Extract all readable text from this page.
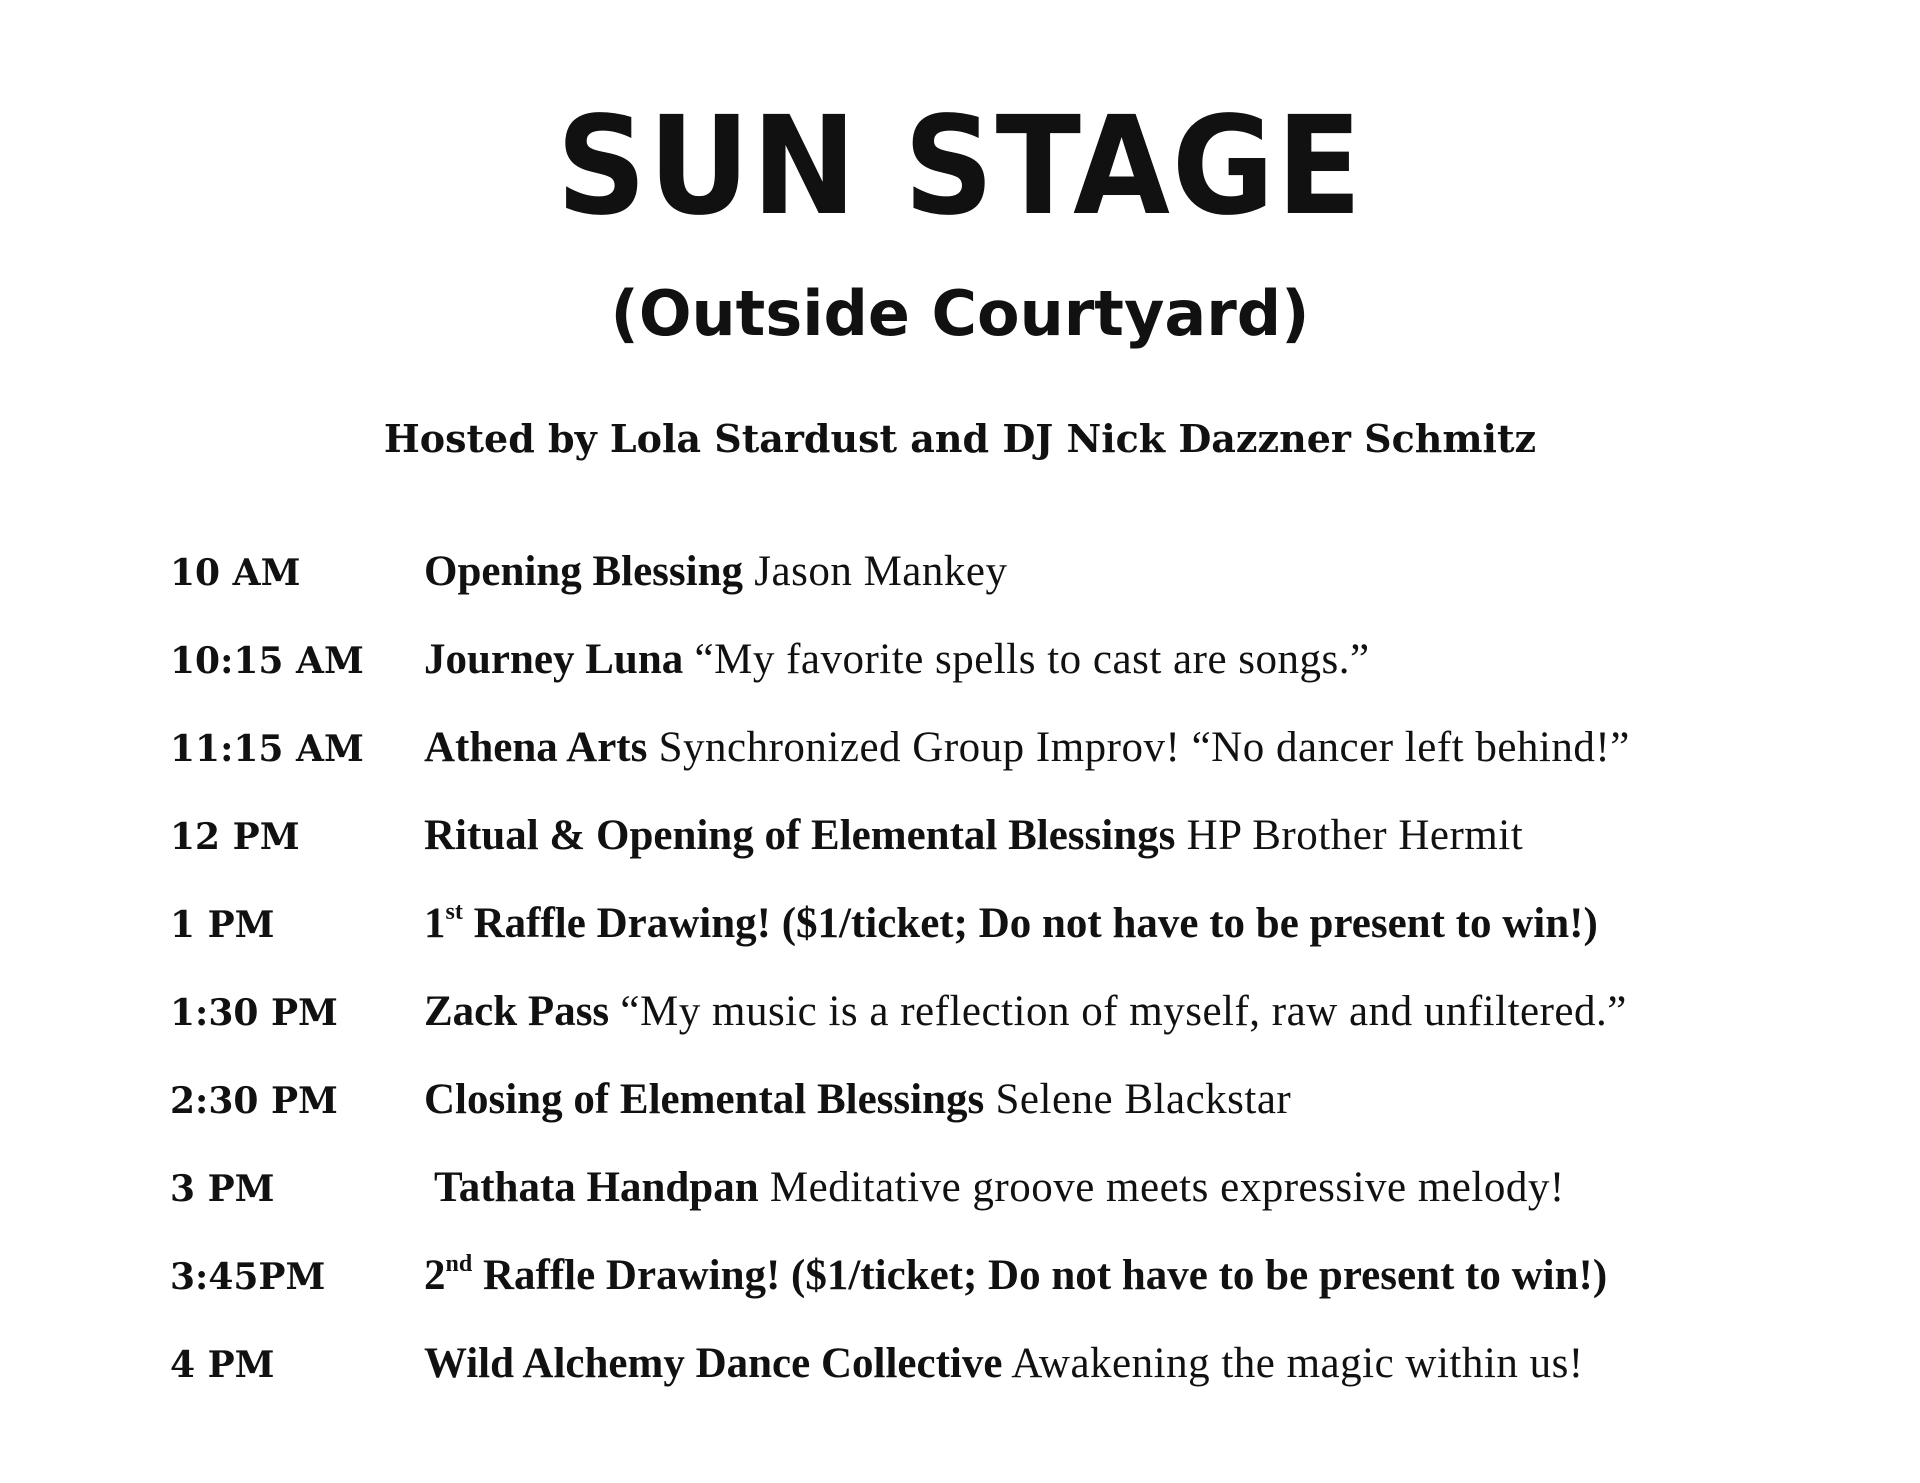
SUN STAGE
(Outside Courtyard)

Hosted by Lola Stardust and DJ Nick Dazzner Schmitz

10 AM	Opening Blessing Jason Mankey
10:15 AM	Journey Luna “My favorite spells to cast are songs.”
11:15 AM	Athena Arts Synchronized Group Improv! “No dancer left behind!”
12 PM	Ritual & Opening of Elemental Blessings HP Brother Hermit
1 PM	1st Raffle Drawing! ($1/ticket; Do not have to be present to win!)
1:30 PM	Zack Pass “My music is a reflection of myself, raw and unfiltered.”
2:30 PM	Closing of Elemental Blessings Selene Blackstar
3 PM	Tathata Handpan Meditative groove meets expressive melody!
3:45PM	2nd Raffle Drawing! ($1/ticket; Do not have to be present to win!)
4 PM	Wild Alchemy Dance Collective Awakening the magic within us!
